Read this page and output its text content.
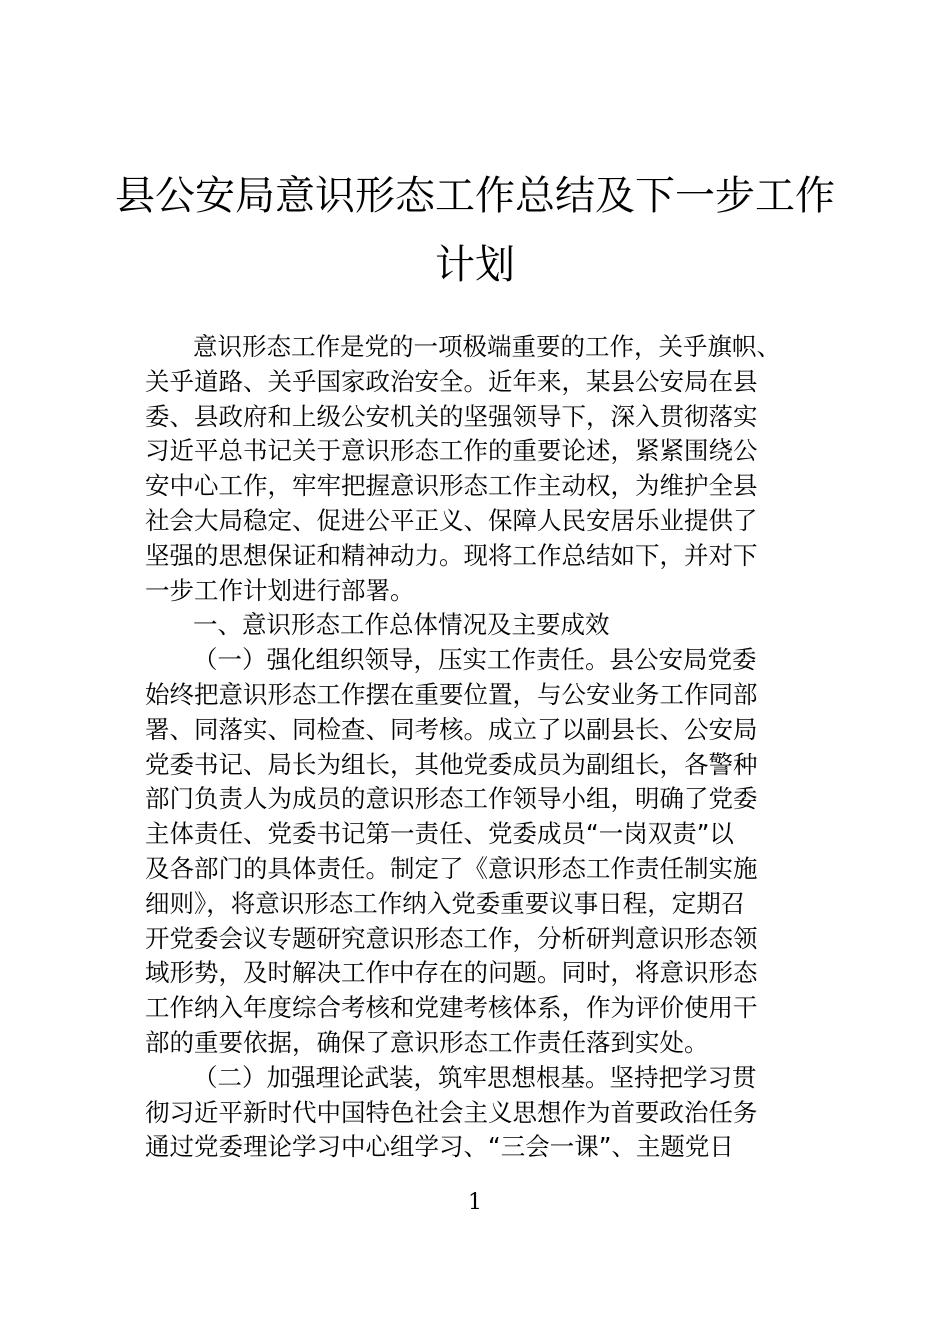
县公安局意识形态工作总结及下一步工作
计划
意识形态工作是党的一项极端重要的工作，关乎旗帜、
关乎道路、关乎国家政治安全。近年来，某县公安局在县
委、县政府和上级公安机关的坚强领导下，深入贯彻落实
习近平总书记关于意识形态工作的重要论述，紧紧围绕公
安中心工作，牢牢把握意识形态工作主动权，为维护全县
社会大局稳定、促进公平正义、保障人民安居乐业提供了
坚强的思想保证和精神动力。现将工作总结如下，并对下
一步工作计划进行部署。
一、意识形态工作总体情况及主要成效
（一）强化组织领导，压实工作责任。县公安局党委
始终把意识形态工作摆在重要位置，与公安业务工作同部
署、同落实、同检查、同考核。成立了以副县长、公安局
党委书记、局长为组长，其他党委成员为副组长，各警种
部门负责人为成员的意识形态工作领导小组，明确了党委
主体责任、党委书记第一责任、党委成员“一岗双责”以
及各部门的具体责任。制定了《意识形态工作责任制实施
细则》，将意识形态工作纳入党委重要议事日程，定期召
开党委会议专题研究意识形态工作，分析研判意识形态领
域形势，及时解决工作中存在的问题。同时，将意识形态
工作纳入年度综合考核和党建考核体系，作为评价使用干
部的重要依据，确保了意识形态工作责任落到实处。
（二）加强理论武装，筑牢思想根基。坚持把学习贯
彻习近平新时代中国特色社会主义思想作为首要政治任务
通过党委理论学习中心组学习、“三会一课”、主题党日
1
